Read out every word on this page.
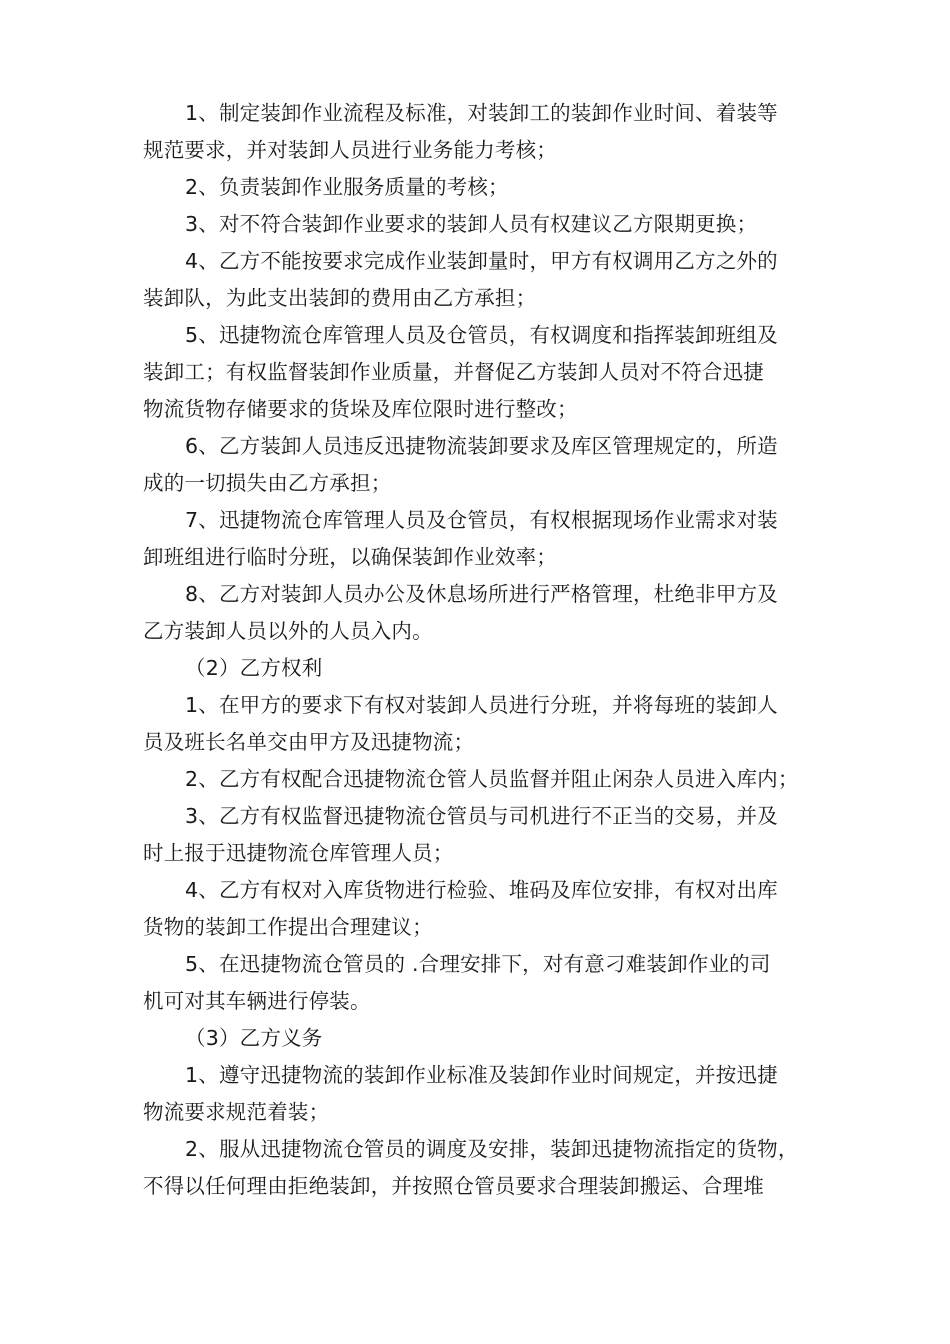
1、制定装卸作业流程及标准，对装卸工的装卸作业时间、着装等
规范要求，并对装卸人员进行业务能力考核；
2、负责装卸作业服务质量的考核；
3、对不符合装卸作业要求的装卸人员有权建议乙方限期更换；
4、乙方不能按要求完成作业装卸量时，甲方有权调用乙方之外的
装卸队，为此支出装卸的费用由乙方承担；
5、迅捷物流仓库管理人员及仓管员，有权调度和指挥装卸班组及
装卸工；有权监督装卸作业质量，并督促乙方装卸人员对不符合迅捷
物流货物存储要求的货垛及库位限时进行整改；
6、乙方装卸人员违反迅捷物流装卸要求及库区管理规定的，所造
成的一切损失由乙方承担；
7、迅捷物流仓库管理人员及仓管员，有权根据现场作业需求对装
卸班组进行临时分班，以确保装卸作业效率；
8、乙方对装卸人员办公及休息场所进行严格管理，杜绝非甲方及
乙方装卸人员以外的人员入内。
（2）乙方权利
1、在甲方的要求下有权对装卸人员进行分班，并将每班的装卸人
员及班长名单交由甲方及迅捷物流；
2、乙方有权配合迅捷物流仓管人员监督并阻止闲杂人员进入库内；
3、乙方有权监督迅捷物流仓管员与司机进行不正当的交易，并及
时上报于迅捷物流仓库管理人员；
4、乙方有权对入库货物进行检验、堆码及库位安排，有权对出库
货物的装卸工作提出合理建议；
5、在迅捷物流仓管员的 .合理安排下，对有意刁难装卸作业的司
机可对其车辆进行停装。
（3）乙方义务
1、遵守迅捷物流的装卸作业标准及装卸作业时间规定，并按迅捷
物流要求规范着装；
2、服从迅捷物流仓管员的调度及安排，装卸迅捷物流指定的货物，
不得以任何理由拒绝装卸，并按照仓管员要求合理装卸搬运、合理堆
